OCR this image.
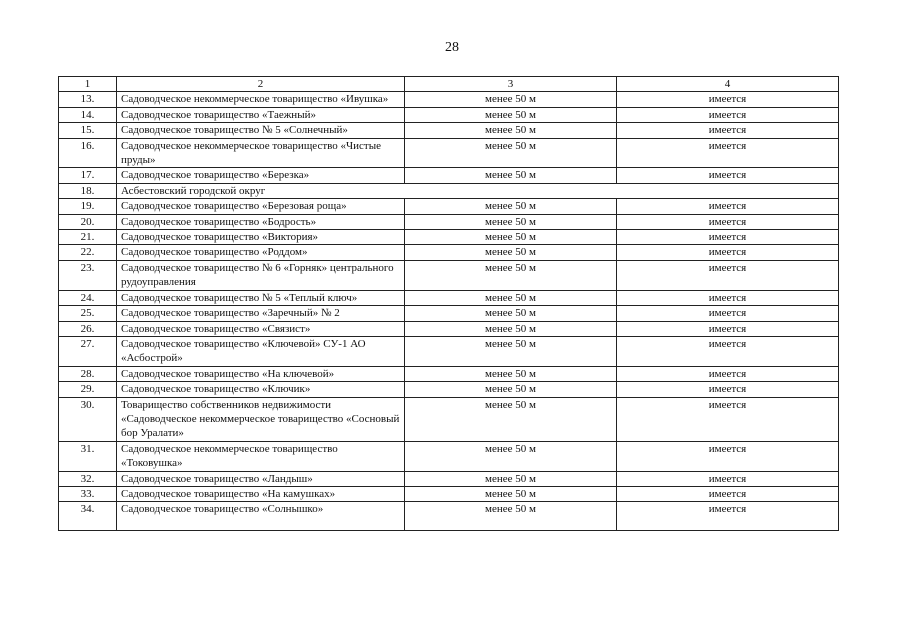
28
1	2	3	4
13.	Садоводческое некоммерческое товарищество «Ивушка»	менее 50 м	имеется
14.	Садоводческое товарищество «Таежный»	менее 50 м	имеется
15.	Садоводческое товарищество № 5 «Солнечный»	менее 50 м	имеется
16.	Садоводческое некоммерческое товарищество «Чистые пруды»	менее 50 м	имеется
17.	Садоводческое товарищество «Березка»	менее 50 м	имеется
18.	Асбестовский городской округ		
19.	Садоводческое товарищество «Березовая роща»	менее 50 м	имеется
20.	Садоводческое товарищество «Бодрость»	менее 50 м	имеется
21.	Садоводческое товарищество «Виктория»	менее 50 м	имеется
22.	Садоводческое товарищество «Роддом»	менее 50 м	имеется
23.	Садоводческое товарищество № 6 «Горняк» центрального рудоуправления	менее 50 м	имеется
24.	Садоводческое товарищество № 5 «Теплый ключ»	менее 50 м	имеется
25.	Садоводческое товарищество «Заречный» № 2	менее 50 м	имеется
26.	Садоводческое товарищество «Связист»	менее 50 м	имеется
27.	Садоводческое товарищество «Ключевой» СУ-1 АО «Асбострой»	менее 50 м	имеется
28.	Садоводческое товарищество «На ключевой»	менее 50 м	имеется
29.	Садоводческое товарищество «Ключик»	менее 50 м	имеется
30.	Товарищество собственников недвижимости «Садоводческое некоммерческое товарищество «Сосновый бор Уралати»	менее 50 м	имеется
31.	Садоводческое некоммерческое товарищество «Токовушка»	менее 50 м	имеется
32.	Садоводческое товарищество «Ландыш»	менее 50 м	имеется
33.	Садоводческое товарищество «На камушках»	менее 50 м	имеется
34.	Садоводческое товарищество «Солнышко»	менее 50 м	имеется
